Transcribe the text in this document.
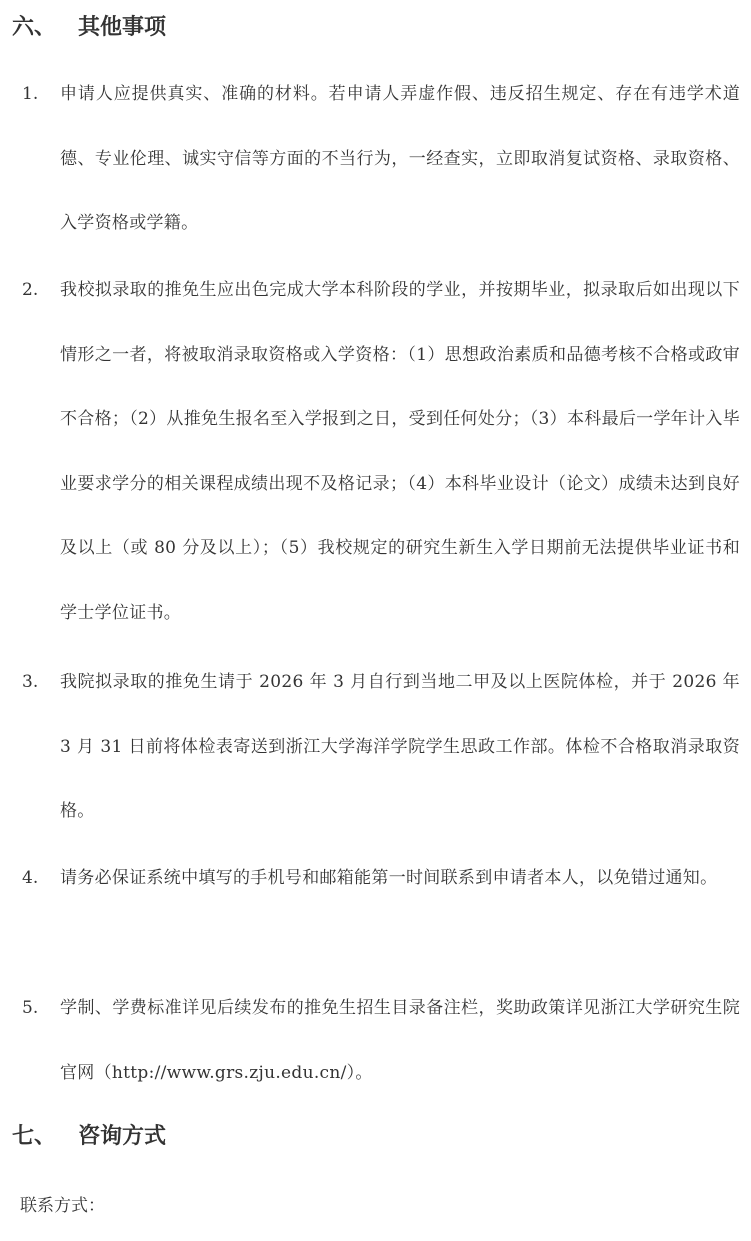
六、 其他事项
1. 申请人应提供真实、准确的材料。若申请人弄虚作假、违反招生规定、存在有违学术道德、专业伦理、诚实守信等方面的不当行为，一经查实，立即取消复试资格、录取资格、入学资格或学籍。
2. 我校拟录取的推免生应出色完成大学本科阶段的学业，并按期毕业，拟录取后如出现以下情形之一者，将被取消录取资格或入学资格：（1）思想政治素质和品德考核不合格或政审不合格；（2）从推免生报名至入学报到之日，受到任何处分；（3）本科最后一学年计入毕业要求学分的相关课程成绩出现不及格记录；（4）本科毕业设计（论文）成绩未达到良好及以上（或 80 分及以上）；（5）我校规定的研究生新生入学日期前无法提供毕业证书和学士学位证书。
3. 我院拟录取的推免生请于 2026 年 3 月自行到当地二甲及以上医院体检，并于 2026 年 3 月 31 日前将体检表寄送到浙江大学海洋学院学生思政工作部。体检不合格取消录取资格。
4. 请务必保证系统中填写的手机号和邮箱能第一时间联系到申请者本人，以免错过通知。
5. 学制、学费标准详见后续发布的推免生招生目录备注栏，奖助政策详见浙江大学研究生院官网（http://www.grs.zju.edu.cn/）。
七、 咨询方式
联系方式：
